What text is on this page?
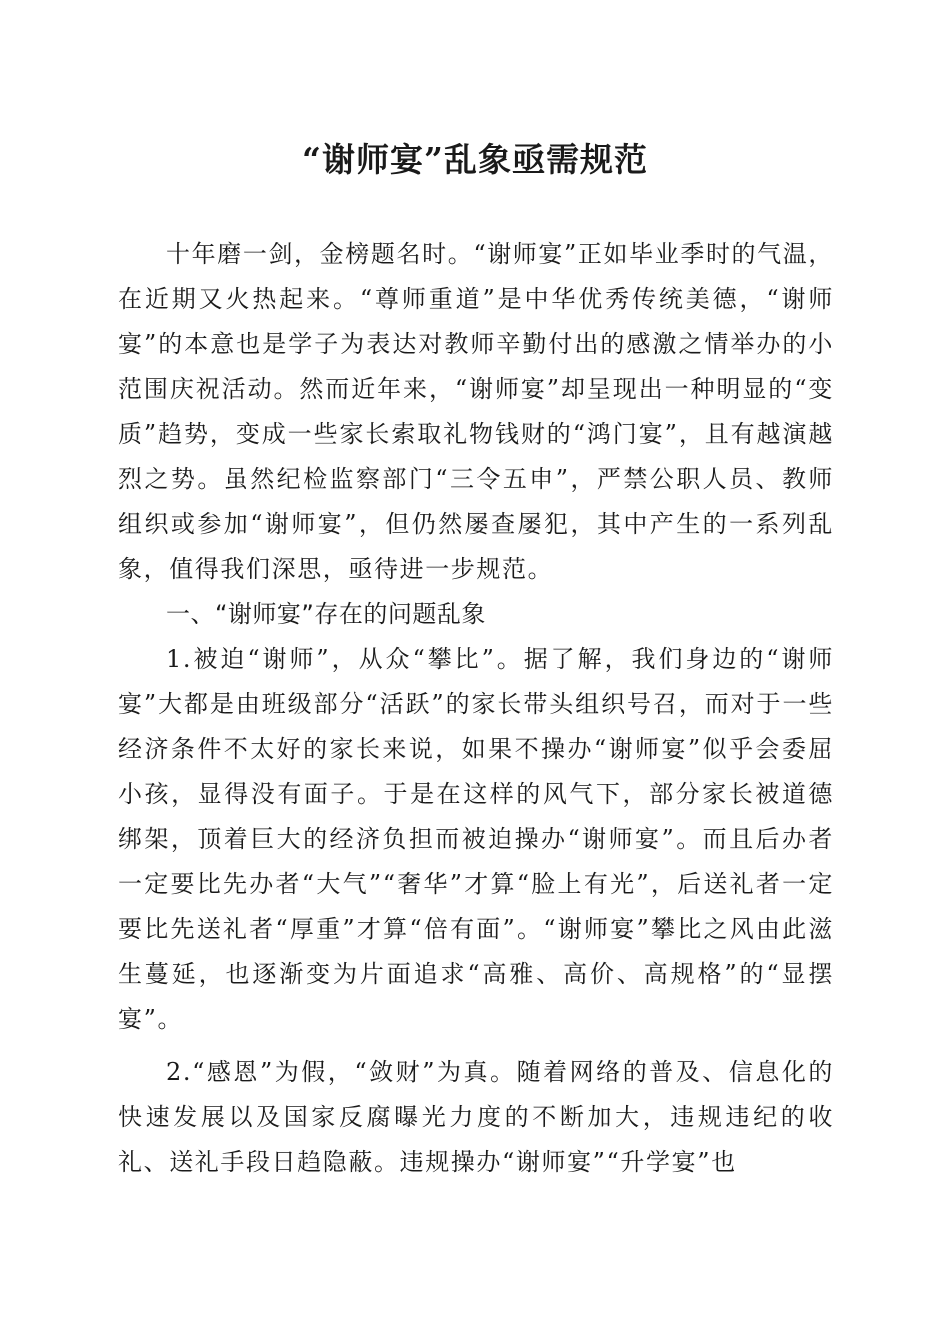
“谢师宴”乱象亟需规范

十年磨一剑，金榜题名时。“谢师宴”正如毕业季时的气温，在近期又火热起来。“尊师重道”是中华优秀传统美德，“谢师宴”的本意也是学子为表达对教师辛勤付出的感激之情举办的小范围庆祝活动。然而近年来，“谢师宴”却呈现出一种明显的“变质”趋势，变成一些家长索取礼物钱财的“鸿门宴”，且有越演越烈之势。虽然纪检监察部门“三令五申”，严禁公职人员、教师组织或参加“谢师宴”，但仍然屡查屡犯，其中产生的一系列乱象，值得我们深思，亟待进一步规范。

一、“谢师宴”存在的问题乱象

1.被迫“谢师”，从众“攀比”。据了解，我们身边的“谢师宴”大都是由班级部分“活跃”的家长带头组织号召，而对于一些经济条件不太好的家长来说，如果不操办“谢师宴”似乎会委屈小孩，显得没有面子。于是在这样的风气下，部分家长被道德绑架，顶着巨大的经济负担而被迫操办“谢师宴”。而且后办者一定要比先办者“大气”“奢华”才算“脸上有光”，后送礼者一定要比先送礼者“厚重”才算“倍有面”。“谢师宴”攀比之风由此滋生蔓延，也逐渐变为片面追求“高雅、高价、高规格”的“显摆宴”。

2.“感恩”为假，“敛财”为真。随着网络的普及、信息化的快速发展以及国家反腐曝光力度的不断加大，违规违纪的收礼、送礼手段日趋隐蔽。违规操办“谢师宴”“升学宴”也
